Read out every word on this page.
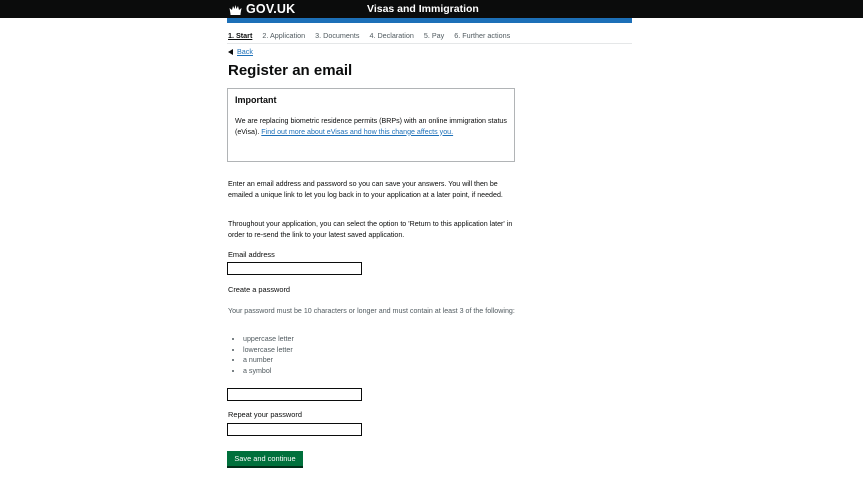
GOV.UK	Visas and Immigration
1. Start 2. Application 3. Documents 4. Declaration 5. Pay 6. Further actions
Back
Register an email
Important
We are replacing biometric residence permits (BRPs) with an online immigration status (eVisa). Find out more about eVisas and how this change affects you.

Enter an email address and password so you can save your answers. You will then be emailed a unique link to let you log back in to your application at a later point, if needed.

Throughout your application, you can select the option to 'Return to this application later' in order to re-send the link to your latest saved application.

Email address
Create a password

Your password must be 10 characters or longer and must contain at least 3 of the following:

• uppercase letter
• lowercase letter
• a number
• a symbol
Repeat your password
Save and continue
